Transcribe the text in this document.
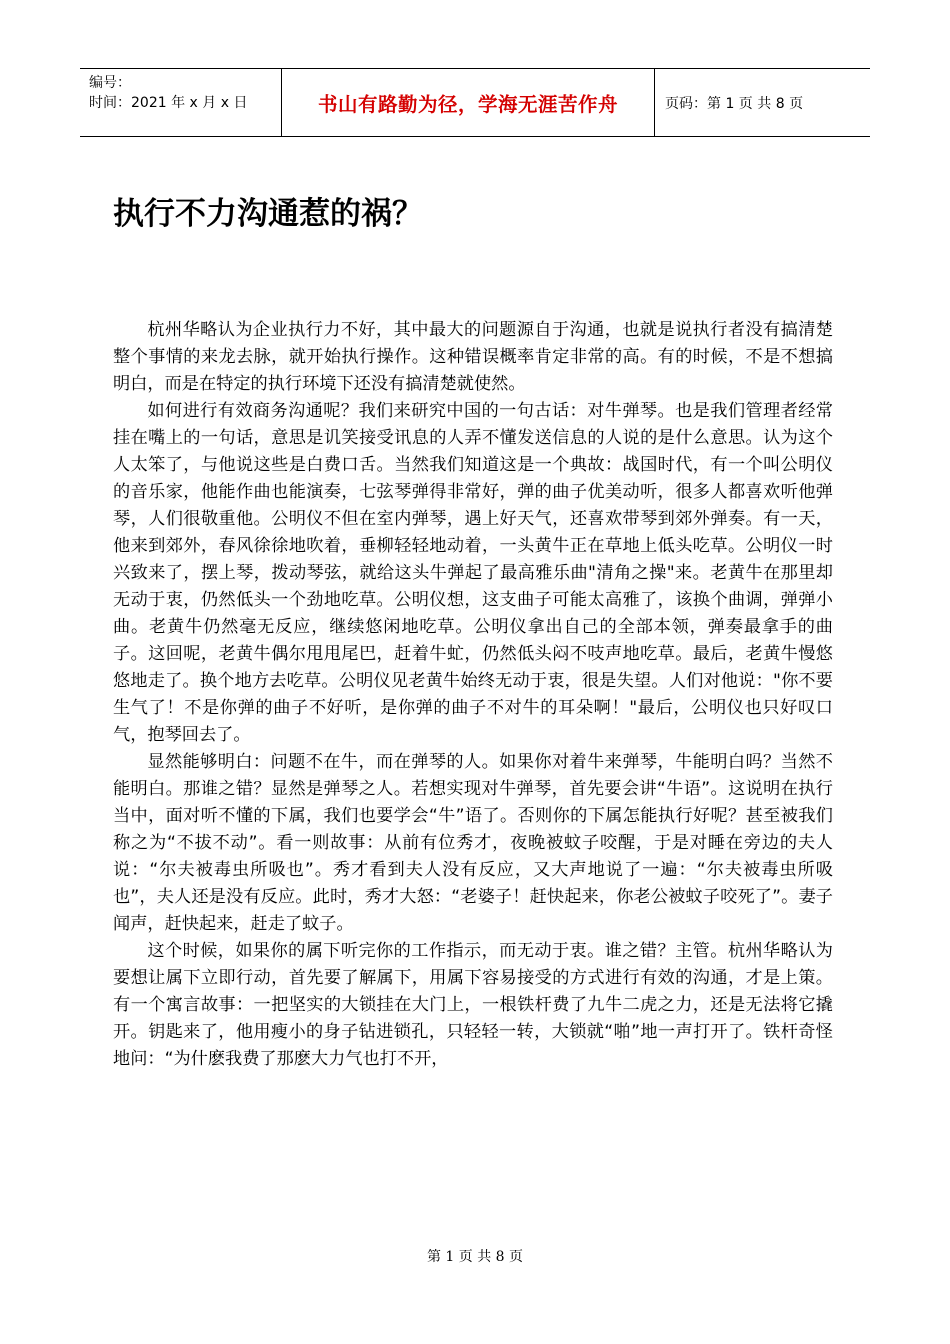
编号：
时间：2021 年 x 月 x 日	书山有路勤为径，学海无涯苦作舟	页码：第 1 页 共 8 页
执行不力沟通惹的祸？

杭州华略认为企业执行力不好，其中最大的问题源自于沟通，也就是说执行者没有搞清楚整个事情的来龙去脉，就开始执行操作。这种错误概率肯定非常的高。有的时候，不是不想搞明白，而是在特定的执行环境下还没有搞清楚就使然。

如何进行有效商务沟通呢？我们来研究中国的一句古话：对牛弹琴。也是我们管理者经常挂在嘴上的一句话，意思是讥笑接受讯息的人弄不懂发送信息的人说的是什么意思。认为这个人太笨了，与他说这些是白费口舌。当然我们知道这是一个典故：战国时代，有一个叫公明仪的音乐家，他能作曲也能演奏，七弦琴弹得非常好，弹的曲子优美动听，很多人都喜欢听他弹琴，人们很敬重他。公明仪不但在室内弹琴，遇上好天气，还喜欢带琴到郊外弹奏。有一天，他来到郊外，春风徐徐地吹着，垂柳轻轻地动着，一头黄牛正在草地上低头吃草。公明仪一时兴致来了，摆上琴，拨动琴弦，就给这头牛弹起了最高雅乐曲"清角之操"来。老黄牛在那里却无动于衷，仍然低头一个劲地吃草。公明仪想，这支曲子可能太高雅了，该换个曲调，弹弹小曲。老黄牛仍然毫无反应，继续悠闲地吃草。公明仪拿出自己的全部本领，弹奏最拿手的曲子。这回呢，老黄牛偶尔甩甩尾巴，赶着牛虻，仍然低头闷不吱声地吃草。最后，老黄牛慢悠悠地走了。换个地方去吃草。公明仪见老黄牛始终无动于衷，很是失望。人们对他说："你不要生气了！不是你弹的曲子不好听，是你弹的曲子不对牛的耳朵啊！"最后，公明仪也只好叹口气，抱琴回去了。

显然能够明白：问题不在牛，而在弹琴的人。如果你对着牛来弹琴，牛能明白吗？当然不能明白。那谁之错？显然是弹琴之人。若想实现对牛弹琴，首先要会讲“牛语”。这说明在执行当中，面对听不懂的下属，我们也要学会“牛”语了。否则你的下属怎能执行好呢？甚至被我们称之为“不拔不动”。看一则故事：从前有位秀才，夜晚被蚊子咬醒，于是对睡在旁边的夫人说：“尔夫被毒虫所吸也”。秀才看到夫人没有反应，又大声地说了一遍：“尔夫被毒虫所吸也”，夫人还是没有反应。此时，秀才大怒：“老婆子！赶快起来，你老公被蚊子咬死了”。妻子闻声，赶快起来，赶走了蚊子。

这个时候，如果你的属下听完你的工作指示，而无动于衷。谁之错？主管。杭州华略认为要想让属下立即行动，首先要了解属下，用属下容易接受的方式进行有效的沟通，才是上策。有一个寓言故事：一把坚实的大锁挂在大门上，一根铁杆费了九牛二虎之力，还是无法将它撬开。钥匙来了，他用瘦小的身子钻进锁孔，只轻轻一转，大锁就“啪”地一声打开了。铁杆奇怪地问：“为什麽我费了那麽大力气也打不开，

第 1 页 共 8 页
